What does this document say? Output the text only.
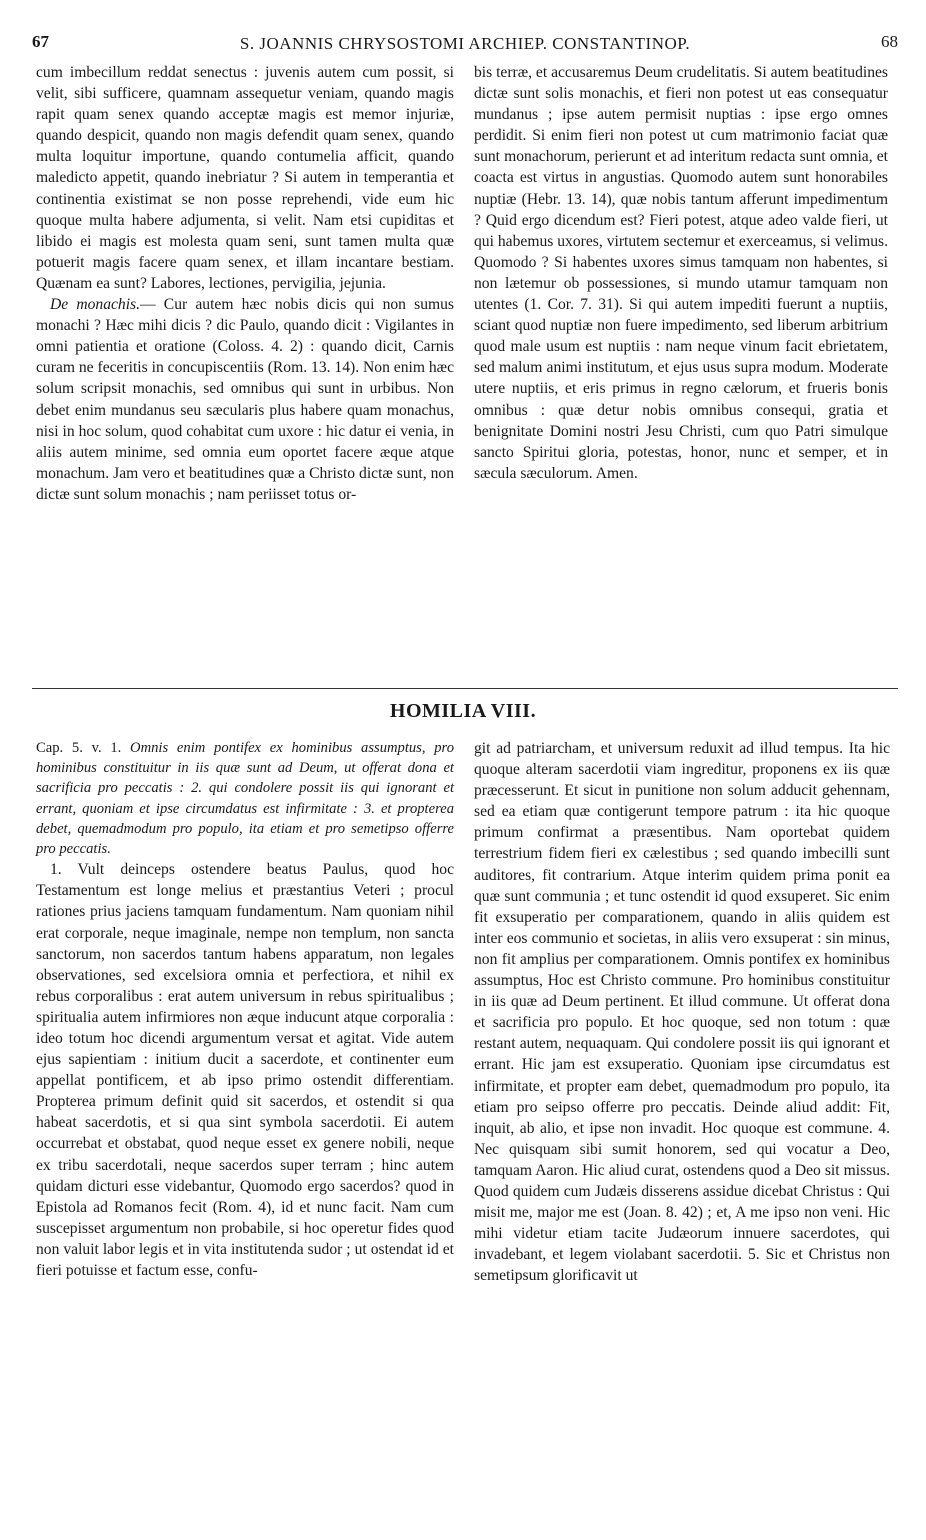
67	S. JOANNIS CHRYSOSTOMI ARCHIEP. CONSTANTINOP.	68

cum imbecillum reddat senectus : juvenis autem cum possit, si velit, sibi sufficere, quamnam assequetur veniam, quando magis rapit quam senex quando acceptæ magis est memor injuriæ, quando despicit, quando non magis defendit quam senex, quando multa loquitur importune, quando contumelia afficit, quando maledicto appetit, quando inebriatur ? Si autem in temperantia et continentia existimat se non posse reprehendi, vide eum hic quoque multa habere adjumenta, si velit. Nam etsi cupiditas et libido ei magis est molesta quam seni, sunt tamen multa quæ potuerit magis facere quam senex, et illam incantare bestiam. Quænam ea sunt? Labores, lectiones, pervigilia, jejunia.

De monachis.— Cur autem hæc nobis dicis qui non sumus monachi ? Hæc mihi dicis ? dic Paulo, quando dicit : Vigilantes in omni patientia et oratione (Coloss. 4. 2) : quando dicit, Carnis curam ne feceritis in concupiscentiis (Rom. 13. 14). Non enim hæc solum scripsit monachis, sed omnibus qui sunt in urbibus. Non debet enim mundanus seu sæcularis plus habere quam monachus, nisi in hoc solum, quod cohabitat cum uxore : hic datur ei venia, in aliis autem minime, sed omnia eum oportet facere æque atque monachum. Jam vero et beatitudines quæ a Christo dictæ sunt, non dictæ sunt solum monachis ; nam periisset totus or-

bis terræ, et accusaremus Deum crudelitatis. Si autem beatitudines dictæ sunt solis monachis, et fieri non potest ut eas consequatur mundanus ; ipse autem permisit nuptias : ipse ergo omnes perdidit. Si enim fieri non potest ut cum matrimonio faciat quæ sunt monachorum, perierunt et ad interitum redacta sunt omnia, et coacta est virtus in angustias. Quomodo autem sunt honorabiles nuptiæ (Hebr. 13. 14), quæ nobis tantum afferunt impedimentum ? Quid ergo dicendum est? Fieri potest, atque adeo valde fieri, ut qui habemus uxores, virtutem sectemur et exerceamus, si velimus. Quomodo ? Si habentes uxores simus tamquam non habentes, si non lætemur ob possessiones, si mundo utamur tamquam non utentes (1. Cor. 7. 31). Si qui autem impediti fuerunt a nuptiis, sciant quod nuptiæ non fuere impedimento, sed liberum arbitrium quod male usum est nuptiis : nam neque vinum facit ebrietatem, sed malum animi institutum, et ejus usus supra modum. Moderate utere nuptiis, et eris primus in regno cælorum, et frueris bonis omnibus : quæ detur nobis omnibus consequi, gratia et benignitate Domini nostri Jesu Christi, cum quo Patri simulque sancto Spiritui gloria, potestas, honor, nunc et semper, et in sæcula sæculorum. Amen.

HOMILIA VIII.

Cap. 5. v. 1. Omnis enim pontifex ex hominibus assumptus, pro hominibus constituitur in iis quæ sunt ad Deum, ut offerat dona et sacrificia pro peccatis : 2. qui condolere possit iis qui ignorant et errant, quoniam et ipse circumdatus est infirmitate : 3. et propterea debet, quemadmodum pro populo, ita etiam et pro semetipso offerre pro peccatis.

1. Vult deinceps ostendere beatus Paulus, quod hoc Testamentum est longe melius et præstantius Veteri ; procul rationes prius jaciens tamquam fundamentum. Nam quoniam nihil erat corporale, neque imaginale, nempe non templum, non sancta sanctorum, non sacerdos tantum habens apparatum, non legales observationes, sed excelsiora omnia et perfectiora, et nihil ex rebus corporalibus : erat autem universum in rebus spiritualibus ; spiritualia autem infirmiores non æque inducunt atque corporalia : ideo totum hoc dicendi argumentum versat et agitat. Vide autem ejus sapientiam : initium ducit a sacerdote, et continenter eum appellat pontificem, et ab ipso primo ostendit differentiam. Propterea primum definit quid sit sacerdos, et ostendit si qua habeat sacerdotis, et si qua sint symbola sacerdotii. Ei autem occurrebat et obstabat, quod neque esset ex genere nobili, neque ex tribu sacerdotali, neque sacerdos super terram ; hinc autem quidam dicturi esse videbantur, Quomodo ergo sacerdos? quod in Epistola ad Romanos fecit (Rom. 4), id et nunc facit. Nam cum suscepisset argumentum non probabile, si hoc operetur fides quod non valuit labor legis et in vita institutenda sudor ; ut ostendat id et fieri potuisse et factum esse, confu-

git ad patriarcham, et universum reduxit ad illud tempus. Ita hic quoque alteram sacerdotii viam ingreditur, proponens ex iis quæ præcesserunt. Et sicut in punitione non solum adducit gehennam, sed ea etiam quæ contigerunt tempore patrum : ita hic quoque primum confirmat a præsentibus. Nam oportebat quidem terrestrium fidem fieri ex cælestibus ; sed quando imbecilli sunt auditores, fit contrarium. Atque interim quidem prima ponit ea quæ sunt communia ; et tunc ostendit id quod exsuperet. Sic enim fit exsuperatio per comparationem, quando in aliis quidem est inter eos communio et societas, in aliis vero exsuperat : sin minus, non fit amplius per comparationem. Omnis pontifex ex hominibus assumptus, Hoc est Christo commune. Pro hominibus constituitur in iis quæ ad Deum pertinent. Et illud commune. Ut offerat dona et sacrificia pro populo. Et hoc quoque, sed non totum : quæ restant autem, nequaquam. Qui condolere possit iis qui ignorant et errant. Hic jam est exsuperatio. Quoniam ipse circumdatus est infirmitate, et propter eam debet, quemadmodum pro populo, ita etiam pro seipso offerre pro peccatis. Deinde aliud addit: Fit, inquit, ab alio, et ipse non invadit. Hoc quoque est commune. 4. Nec quisquam sibi sumit honorem, sed qui vocatur a Deo, tamquam Aaron. Hic aliud curat, ostendens quod a Deo sit missus. Quod quidem cum Judæis disserens assidue dicebat Christus : Qui misit me, major me est (Joan. 8. 42) ; et, A me ipso non veni. Hic mihi videtur etiam tacite Judæorum innuere sacerdotes, qui invadebant, et legem violabant sacerdotii. 5. Sic et Christus non semetipsum glorificavit ut
